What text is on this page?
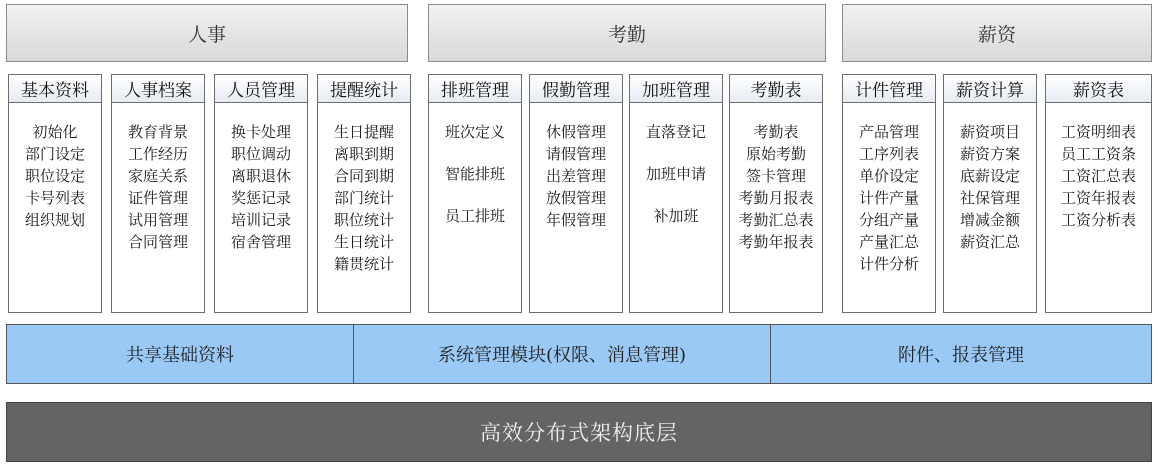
人事	考勤	薪资
基本资料
初始化
部门设定
职位设定
卡号列表
组织规划
人事档案
教育背景
工作经历
家庭关系
证件管理
试用管理
合同管理
人员管理
换卡处理
职位调动
离职退休
奖惩记录
培训记录
宿舍管理
提醒统计
生日提醒
离职到期
合同到期
部门统计
职位统计
生日统计
籍贯统计
排班管理
班次定义
智能排班
员工排班
假勤管理
休假管理
请假管理
出差管理
放假管理
年假管理
加班管理
直落登记
加班申请
补加班
考勤表
考勤表
原始考勤
签卡管理
考勤月报表
考勤汇总表
考勤年报表
计件管理
产品管理
工序列表
单价设定
计件产量
分组产量
产量汇总
计件分析
薪资计算
薪资项目
薪资方案
底薪设定
社保管理
增减金额
薪资汇总
薪资表
工资明细表
员工工资条
工资汇总表
工资年报表
工资分析表
共享基础资料	系统管理模块(权限、消息管理)	附件、报表管理
高效分布式架构底层
